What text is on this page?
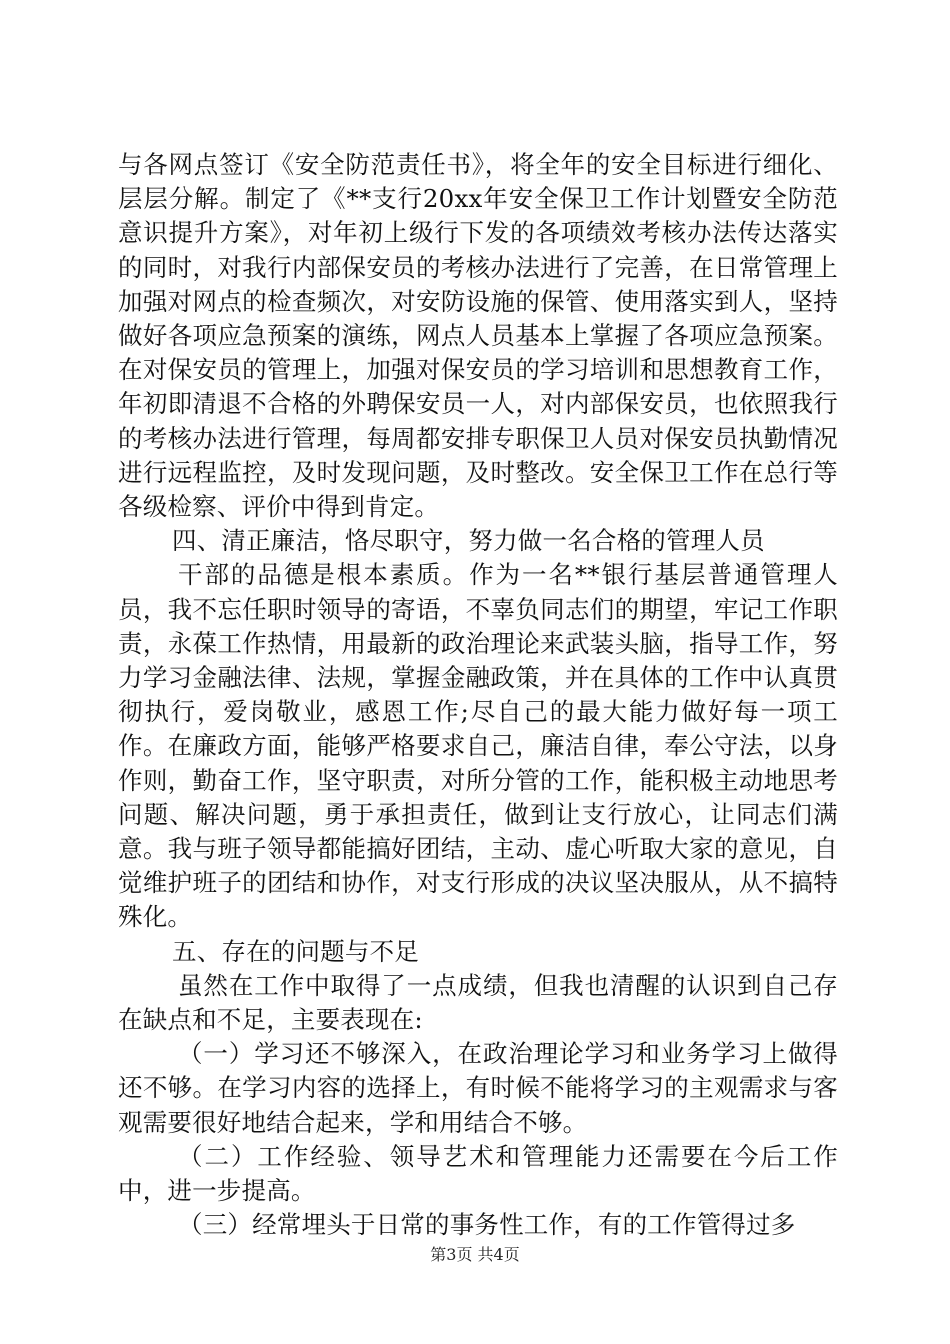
与各网点签订《安全防范责任书》，将全年的安全目标进行细化、层层分解。制定了《**支行20xx年安全保卫工作计划暨安全防范意识提升方案》，对年初上级行下发的各项绩效考核办法传达落实的同时，对我行内部保安员的考核办法进行了完善，在日常管理上加强对网点的检查频次，对安防设施的保管、使用落实到人，坚持做好各项应急预案的演练，网点人员基本上掌握了各项应急预案。在对保安员的管理上，加强对保安员的学习培训和思想教育工作，年初即清退不合格的外聘保安员一人，对内部保安员，也依照我行的考核办法进行管理，每周都安排专职保卫人员对保安员执勤情况进行远程监控，及时发现问题，及时整改。安全保卫工作在总行等各级检察、评价中得到肯定。

四、清正廉洁，恪尽职守，努力做一名合格的管理人员

干部的品德是根本素质。作为一名**银行基层普通管理人员，我不忘任职时领导的寄语，不辜负同志们的期望，牢记工作职责，永葆工作热情，用最新的政治理论来武装头脑，指导工作，努力学习金融法律、法规，掌握金融政策，并在具体的工作中认真贯彻执行，爱岗敬业，感恩工作;尽自己的最大能力做好每一项工作。在廉政方面，能够严格要求自己，廉洁自律，奉公守法，以身作则，勤奋工作，坚守职责，对所分管的工作，能积极主动地思考问题、解决问题，勇于承担责任，做到让支行放心，让同志们满意。我与班子领导都能搞好团结，主动、虚心听取大家的意见，自觉维护班子的团结和协作，对支行形成的决议坚决服从，从不搞特殊化。

五、存在的问题与不足

虽然在工作中取得了一点成绩，但我也清醒的认识到自己存在缺点和不足，主要表现在:

（一）学习还不够深入，在政治理论学习和业务学习上做得还不够。在学习内容的选择上，有时候不能将学习的主观需求与客观需要很好地结合起来，学和用结合不够。

（二）工作经验、领导艺术和管理能力还需要在今后工作中，进一步提高。

（三）经常埋头于日常的事务性工作，有的工作管得过多

第3页 共4页
